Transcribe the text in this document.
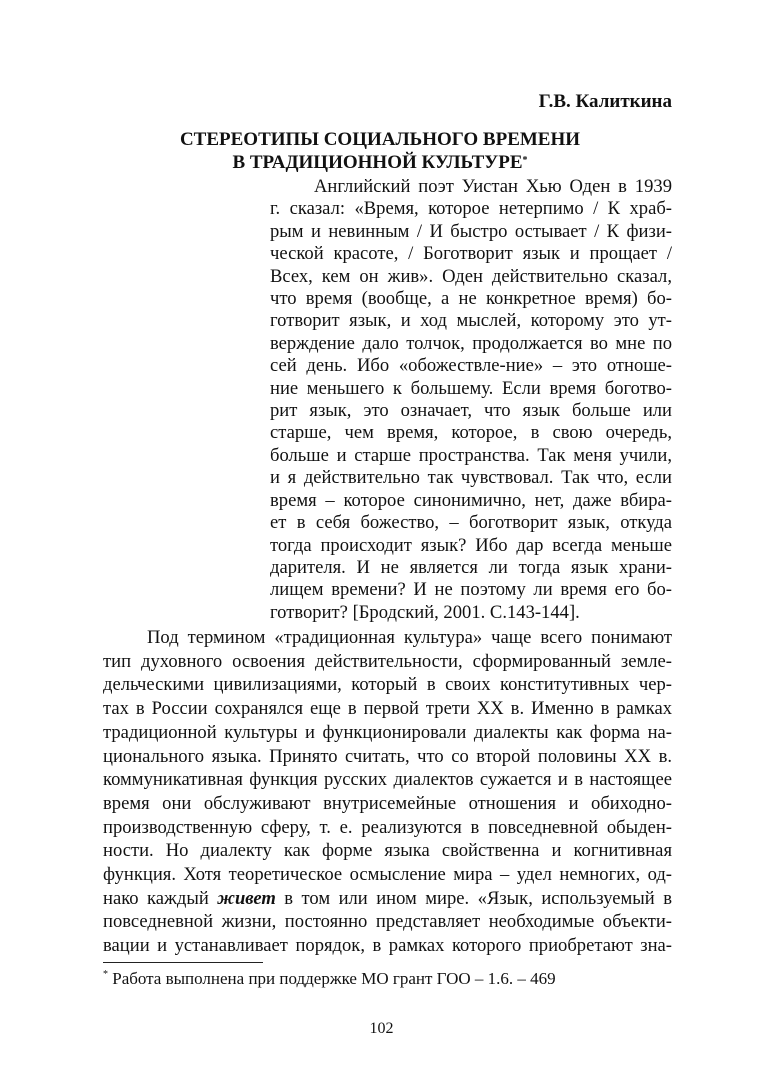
Г.В. Калиткина
СТЕРЕОТИПЫ СОЦИАЛЬНОГО ВРЕМЕНИ
В ТРАДИЦИОННОЙ КУЛЬТУРЕ*
Английский поэт Уистан Хью Оден в 1939
г. сказал: «Время, которое нетерпимо / К храб-
рым и невинным / И быстро остывает / К физи-
ческой красоте, / Боготворит язык и прощает /
Всех, кем он жив». Оден действительно сказал,
что время (вообще, а не конкретное время) бо-
готворит язык, и ход мыслей, которому это ут-
верждение дало толчок, продолжается во мне по
сей день. Ибо «обожествле-ние» – это отноше-
ние меньшего к большему. Если время боготво-
рит язык, это означает, что язык больше или
старше, чем время, которое, в свою очередь,
больше и старше пространства. Так меня учили,
и я действительно так чувствовал. Так что, если
время – которое синонимично, нет, даже вбира-
ет в себя божество, – боготворит язык, откуда
тогда происходит язык? Ибо дар всегда меньше
дарителя. И не является ли тогда язык храни-
лищем времени? И не поэтому ли время его бо-
готворит? [Бродский, 2001. С.143-144].
Под термином «традиционная культура» чаще всего понимают
тип духовного освоения действительности, сформированный земле-
дельческими цивилизациями, который в своих конститутивных чер-
тах в России сохранялся еще в первой трети XX в. Именно в рамках
традиционной культуры и функционировали диалекты как форма на-
ционального языка. Принято считать, что со второй половины XX в.
коммуникативная функция русских диалектов сужается и в настоящее
время они обслуживают внутрисемейные отношения и обиходно-
производственную сферу, т. е. реализуются в повседневной обыден-
ности. Но диалекту как форме языка свойственна и когнитивная
функция. Хотя теоретическое осмысление мира – удел немногих, од-
нако каждый живет в том или ином мире. «Язык, используемый в
повседневной жизни, постоянно представляет необходимые объекти-
вации и устанавливает порядок, в рамках которого приобретают зна-
* Работа выполнена при поддержке МО грант ГОО – 1.6. – 469
102
